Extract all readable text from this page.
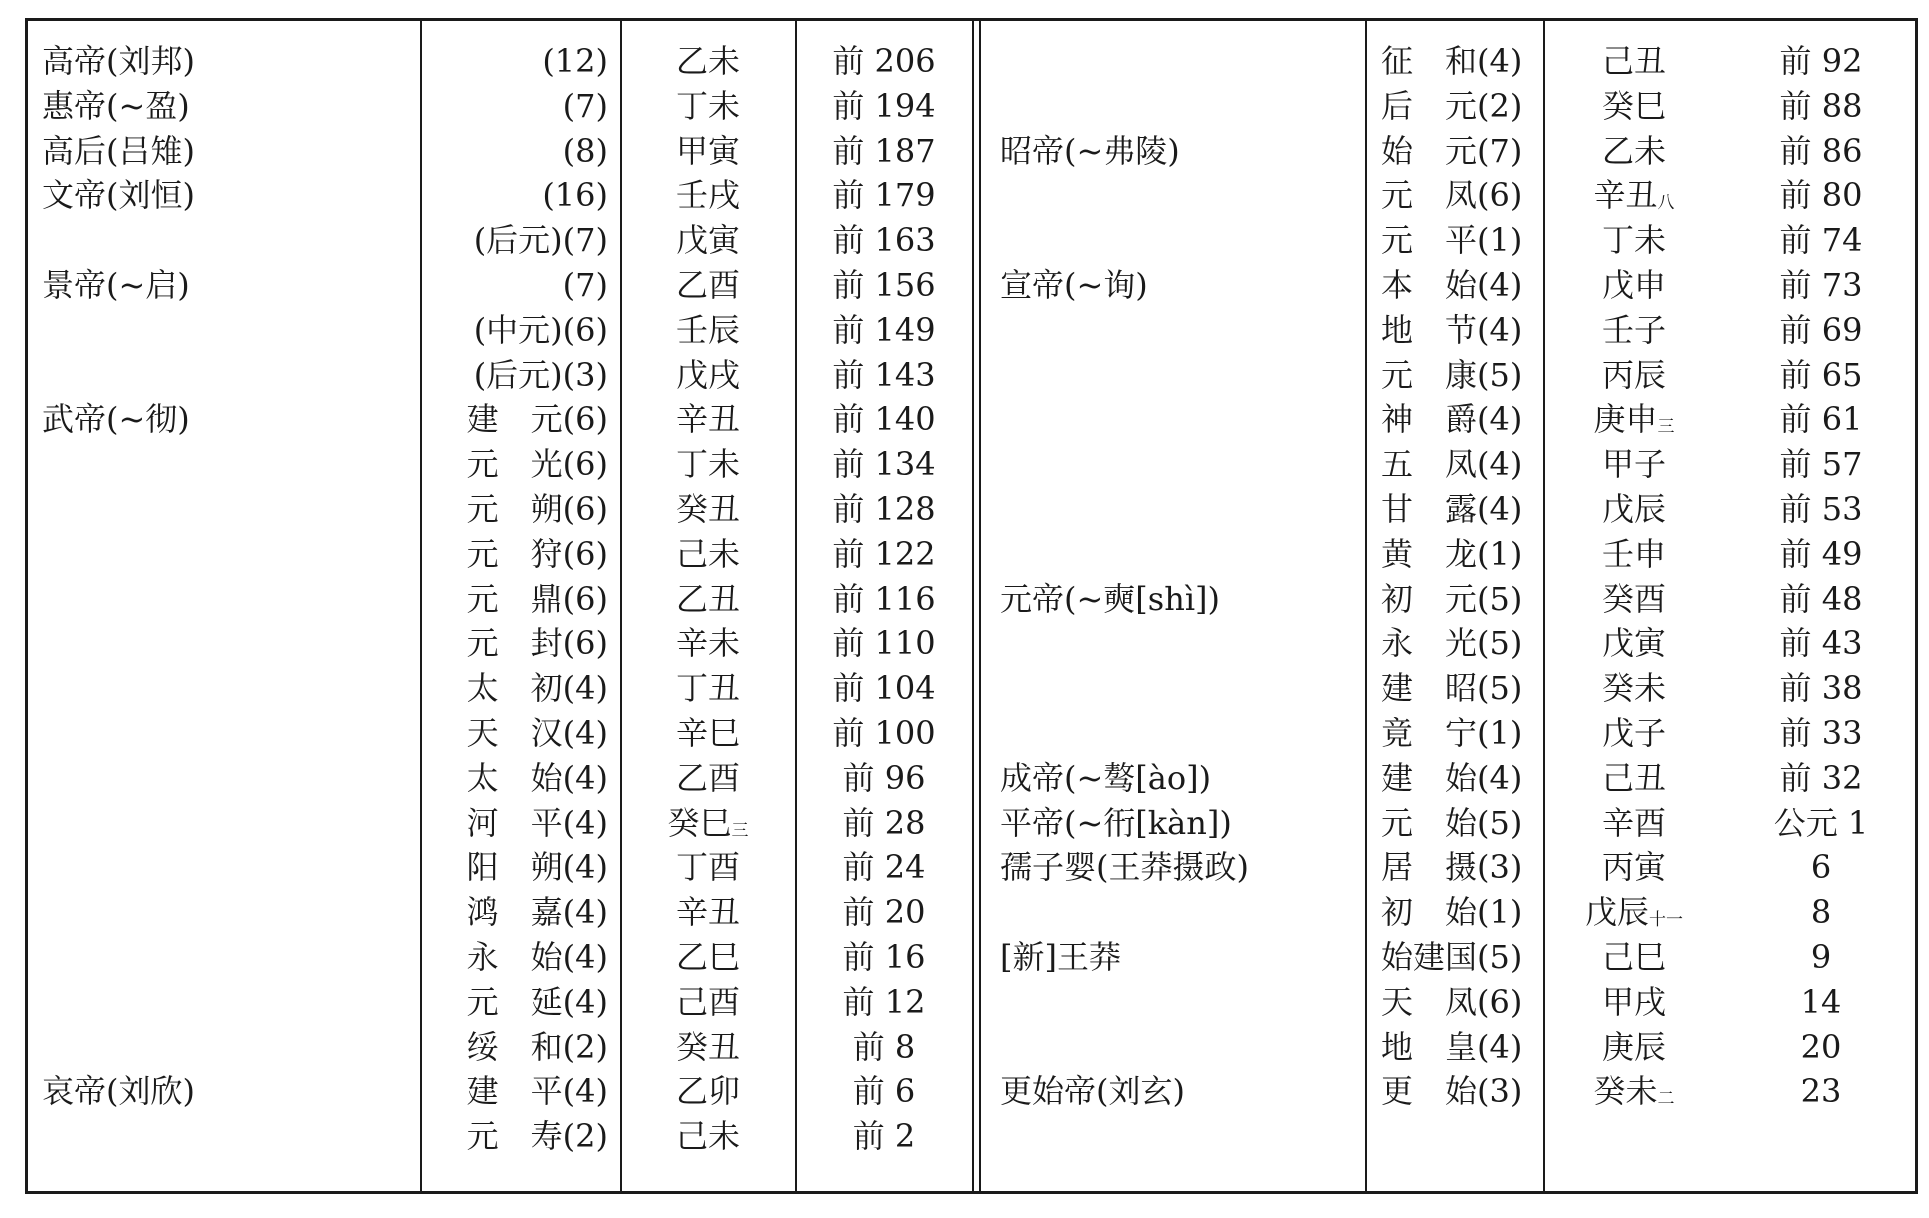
高帝(刘邦)
惠帝(~盈)
高后(吕雉)
文帝(刘恒)
景帝(~启)
武帝(~彻)
哀帝(刘欣)
(12)
(7)
(8)
(16)
(后元)(7)
(7)
(中元)(6)
(后元)(3)
建　元(6)
元　光(6)
元　朔(6)
元　狩(6)
元　鼎(6)
元　封(6)
太　初(4)
天　汉(4)
太　始(4)
河　平(4)
阳　朔(4)
鸿　嘉(4)
永　始(4)
元　延(4)
绥　和(2)
建　平(4)
元　寿(2)
乙未
丁未
甲寅
壬戌
戊寅
乙酉
壬辰
戊戌
辛丑
丁未
癸丑
己未
乙丑
辛未
丁丑
辛巳
乙酉
癸巳三
丁酉
辛丑
乙巳
己酉
癸丑
乙卯
己未
前 206
前 194
前 187
前 179
前 163
前 156
前 149
前 143
前 140
前 134
前 128
前 122
前 116
前 110
前 104
前 100
前 96
前 28
前 24
前 20
前 16
前 12
前 8
前 6
前 2
昭帝(~弗陵)
宣帝(~询)
元帝(~奭[shì])
成帝(~骜[ào])
平帝(~衎[kàn])
孺子婴(王莽摄政)
[新]王莽
更始帝(刘玄)
征　和(4)
后　元(2)
始　元(7)
元　凤(6)
元　平(1)
本　始(4)
地　节(4)
元　康(5)
神　爵(4)
五　凤(4)
甘　露(4)
黄　龙(1)
初　元(5)
永　光(5)
建　昭(5)
竟　宁(1)
建　始(4)
元　始(5)
居　摄(3)
初　始(1)
始建国(5)
天　凤(6)
地　皇(4)
更　始(3)
己丑
癸巳
乙未
辛丑八
丁未
戊申
壬子
丙辰
庚申三
甲子
戊辰
壬申
癸酉
戊寅
癸未
戊子
己丑
辛酉
丙寅
戊辰十一
己巳
甲戌
庚辰
癸未二
前 92
前 88
前 86
前 80
前 74
前 73
前 69
前 65
前 61
前 57
前 53
前 49
前 48
前 43
前 38
前 33
前 32
公元 1
6
8
9
14
20
23
